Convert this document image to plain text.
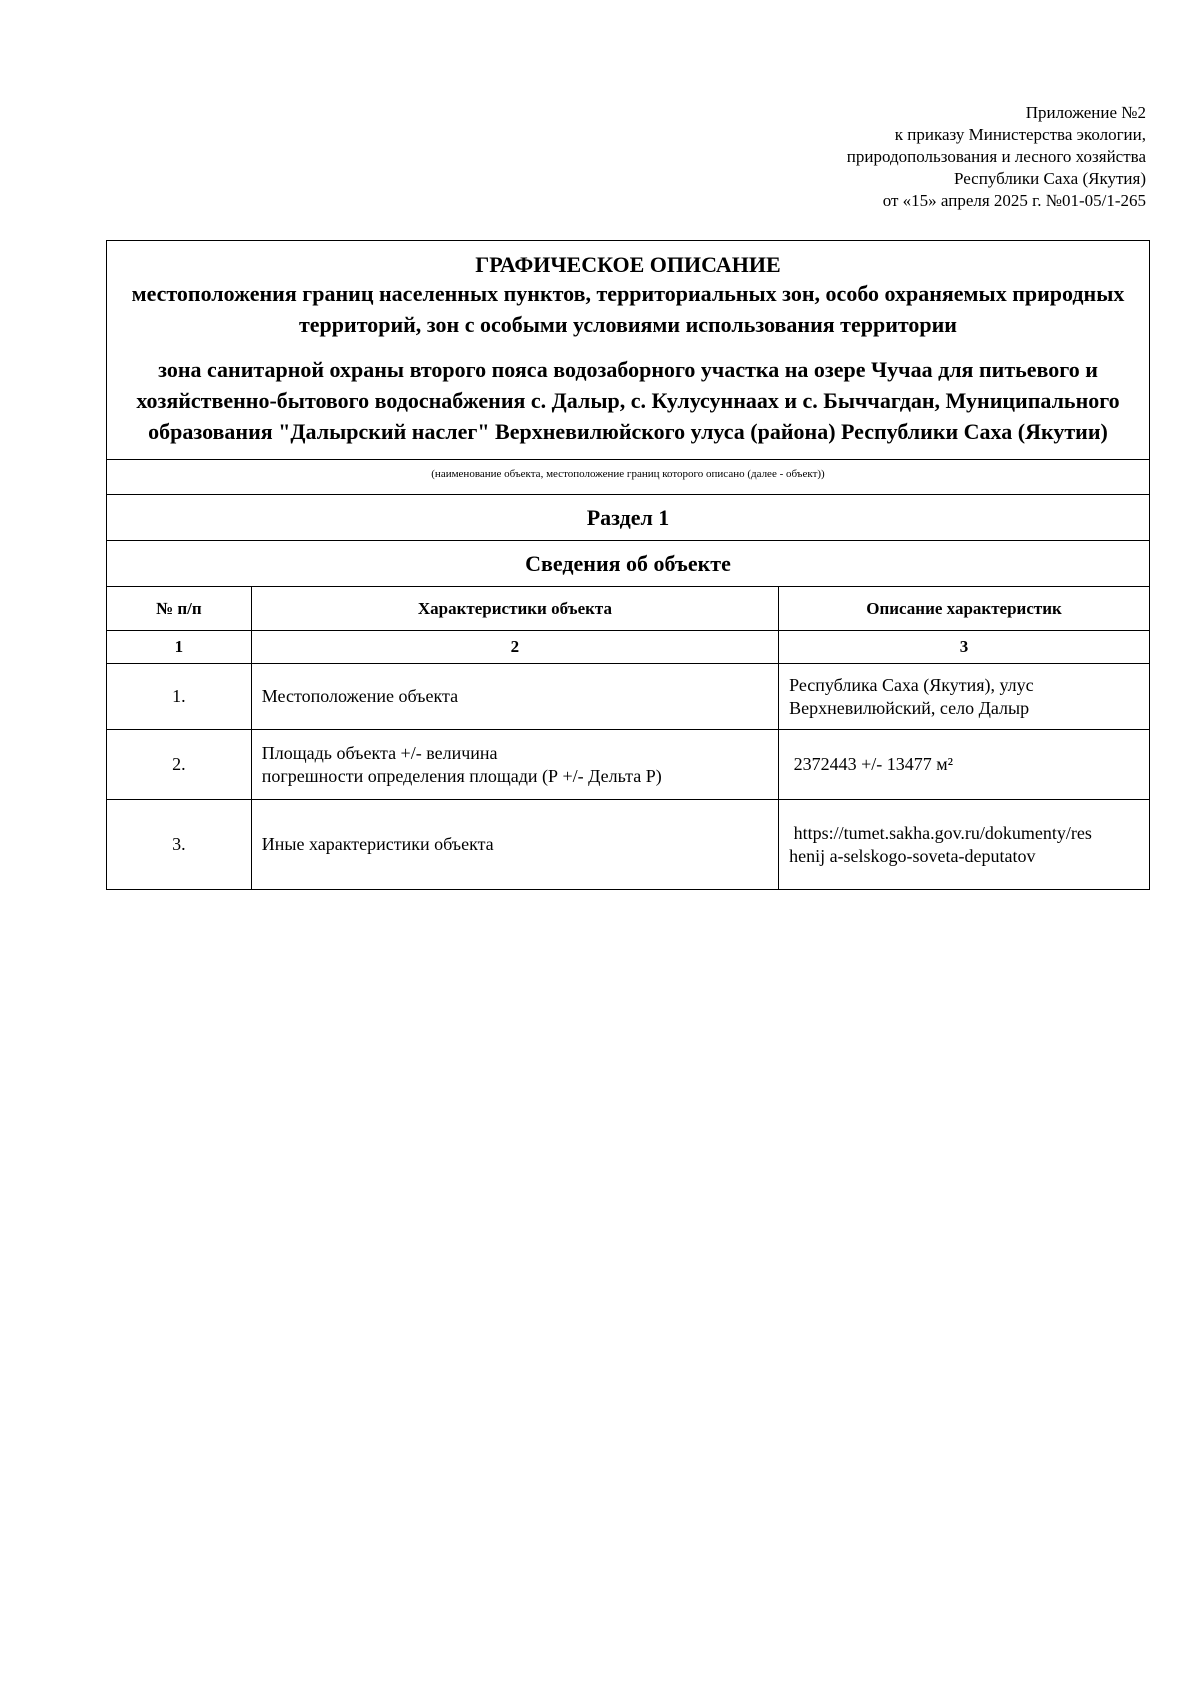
Приложение №2
к приказу Министерства экологии,
природопользования и лесного хозяйства
Республики Саха (Якутия)
от «15» апреля 2025 г. №01-05/1-265
ГРАФИЧЕСКОЕ ОПИСАНИЕ
местоположения границ населенных пунктов, территориальных зон, особо охраняемых природных территорий, зон с особыми условиями использования территории
зона санитарной охраны второго пояса водозаборного участка на озере Чучаа для питьевого и хозяйственно-бытового водоснабжения с. Далыр, с. Кулусуннаах и с. Быччагдан, Муниципального образования "Далырский наслег" Верхневилюйского улуса (района) Республики Саха (Якутии)		

(наименование объекта, местоположение границ которого описано (далее - объект))		
Раздел 1		
Сведения об объекте		
№ п/п	Характеристики объекта	Описание характеристик
1	2	3
1.	Местоположение объекта	Республика Саха (Якутия), улус
Верхневилюйский, село Далыр

2.	Площадь объекта +/- величина
погрешности определения площади (Р +/- Дельта Р)	2372443 +/- 13477 м²

3.	Иные характеристики объекта	https://tumet.sakha.gov.ru/dokumenty/res
henij a-selskogo-soveta-deputatov
